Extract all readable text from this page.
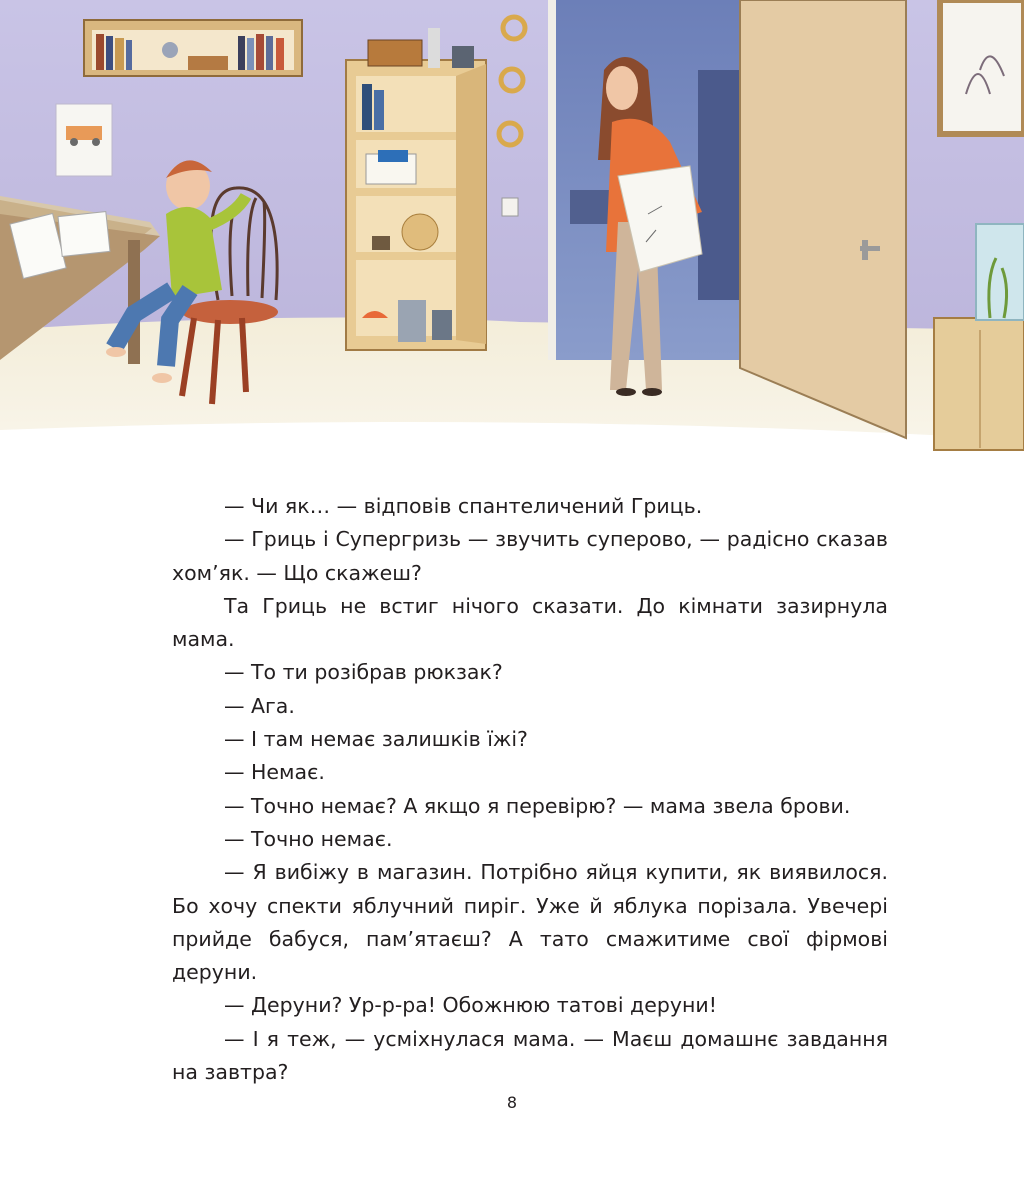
— Чи як… — відповів спантеличений Гриць.

— Гриць і Супергризь — звучить суперово, — радісно сказав хом’як. — Що скажеш?

Та Гриць не встиг нічого сказати. До кімнати зазирнула мама.

— То ти розібрав рюкзак?

— Ага.

— І там немає залишків їжі?

— Немає.

— Точно немає? А якщо я перевірю? — мама звела брови.

— Точно немає.

— Я вибіжу в магазин. Потрібно яйця купити, як виявилося. Бо хочу спекти яблучний пиріг. Уже й яблука порізала. Увечері прийде бабуся, пам’ятаєш? А тато смажитиме свої фірмові деруни.

— Деруни? Ур-р-ра! Обожнюю татові деруни!

— І я теж, — усміхнулася мама. — Маєш домашнє завдання на завтра?

8
